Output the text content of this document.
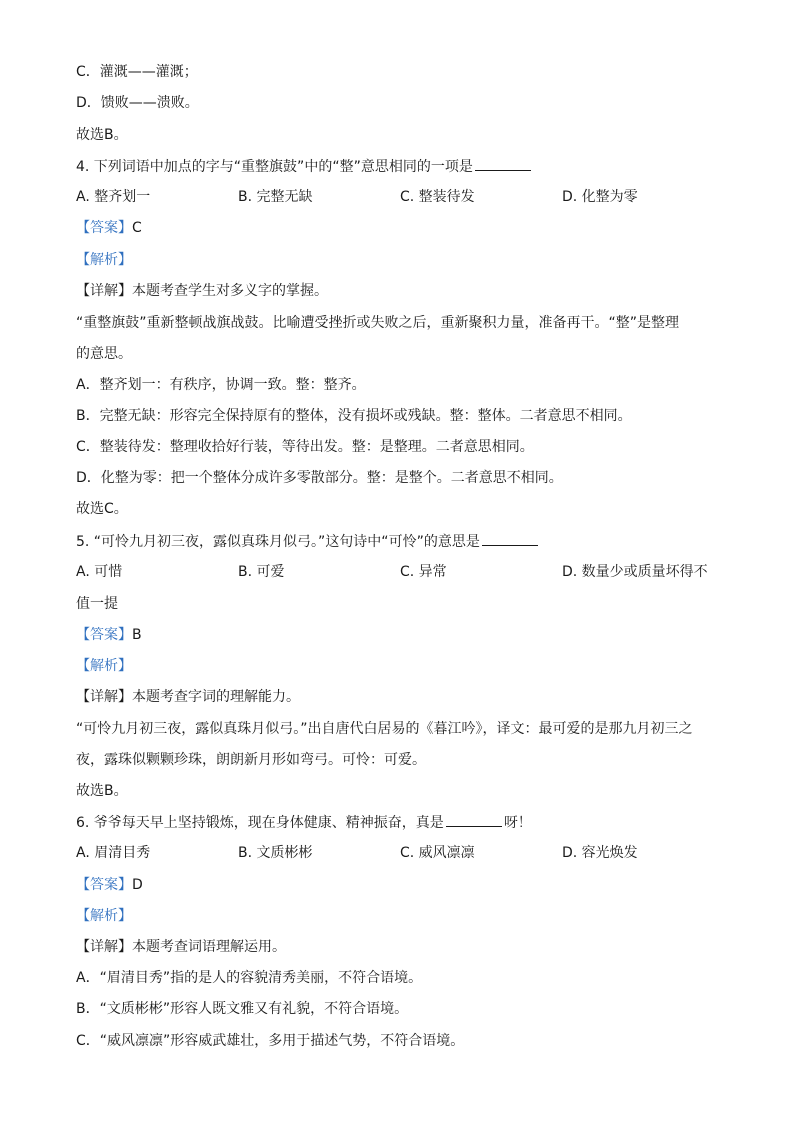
C．灌溉——灌溉；
D．馈败——溃败。
故选B。
4. 下列词语中加点的字与“重整旗鼓”中的“整”意思相同的一项是
A. 整齐划一	B. 完整无缺	C. 整装待发	D. 化整为零
【答案】C
【解析】
【详解】本题考查学生对多义字的掌握。
“重整旗鼓”重新整顿战旗战鼓。比喻遭受挫折或失败之后，重新聚积力量，准备再干。“整”是整理
的意思。
A．整齐划一：有秩序，协调一致。整：整齐。
B．完整无缺：形容完全保持原有的整体，没有损坏或残缺。整：整体。二者意思不相同。
C．整装待发：整理收拾好行装，等待出发。整：是整理。二者意思相同。
D．化整为零：把一个整体分成许多零散部分。整：是整个。二者意思不相同。
故选C。
5. “可怜九月初三夜，露似真珠月似弓。”这句诗中“可怜”的意思是
A. 可惜	B. 可爱	C. 异常	D. 数量少或质量坏得不
值一提
【答案】B
【解析】
【详解】本题考查字词的理解能力。
“可怜九月初三夜，露似真珠月似弓。”出自唐代白居易的《暮江吟》，译文：最可爱的是那九月初三之
夜，露珠似颗颗珍珠，朗朗新月形如弯弓。可怜：可爱。
故选B。
6. 爷爷每天早上坚持锻炼，现在身体健康、精神振奋，真是	呀！
A. 眉清目秀	B. 文质彬彬	C. 威风凛凛	D. 容光焕发
【答案】D
【解析】
【详解】本题考查词语理解运用。
A．“眉清目秀”指的是人的容貌清秀美丽，不符合语境。
B．“文质彬彬”形容人既文雅又有礼貌，不符合语境。
C．“威风凛凛”形容威武雄壮，多用于描述气势，不符合语境。
